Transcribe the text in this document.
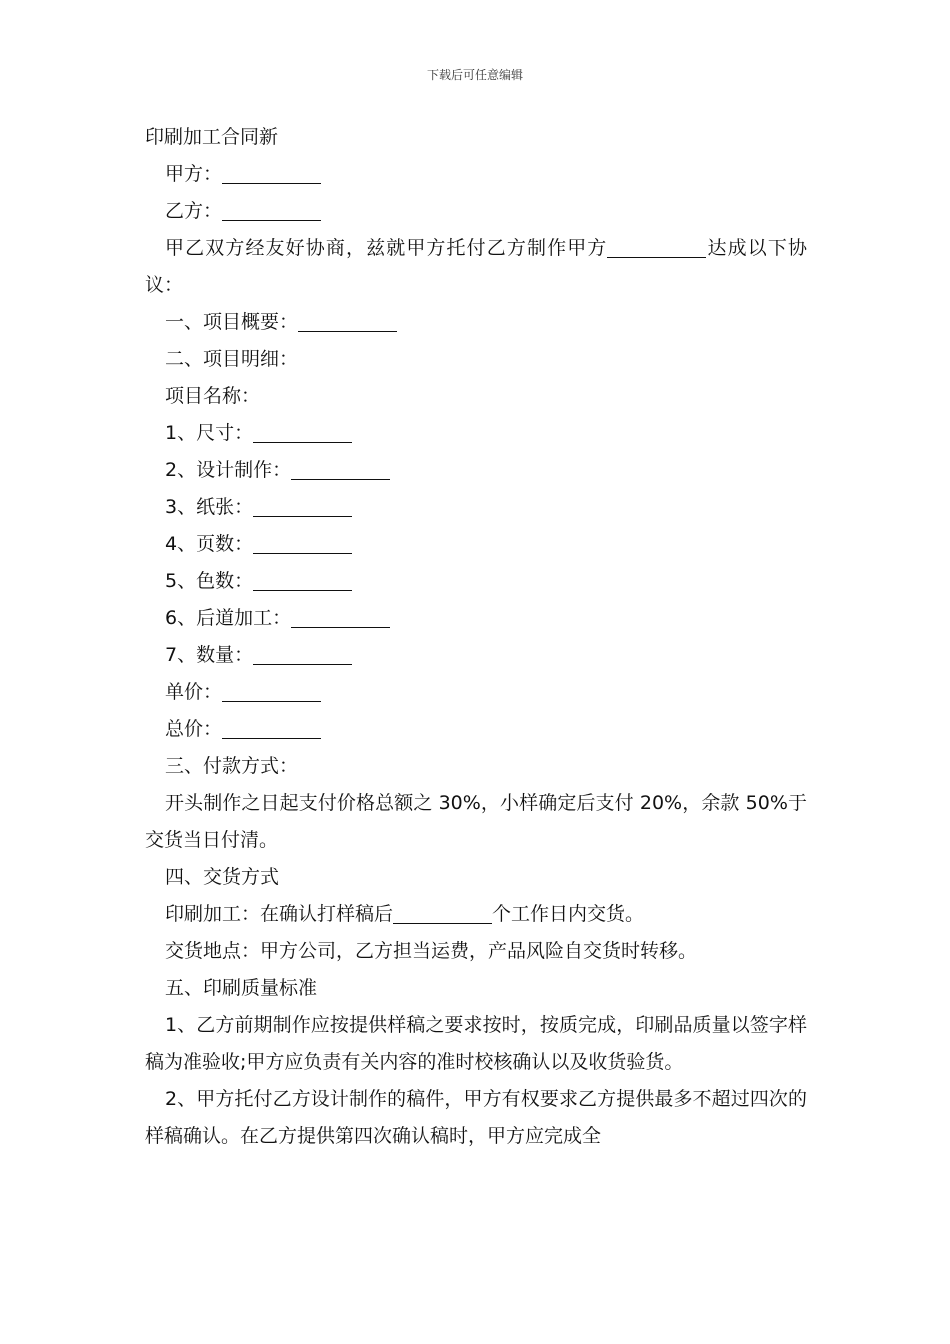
下载后可任意编辑
印刷加工合同新
甲方：
乙方：
甲乙双方经友好协商，兹就甲方托付乙方制作甲方	达成以下协议：
一、项目概要：
二、项目明细：
项目名称：
1、尺寸：
2、设计制作：
3、纸张：
4、页数：
5、色数：
6、后道加工：
7、数量：
单价：
总价：
三、付款方式：
开头制作之日起支付价格总额之 30%，小样确定后支付 20%，余款 50%于交货当日付清。
四、交货方式
印刷加工：在确认打样稿后	个工作日内交货。
交货地点：甲方公司，乙方担当运费，产品风险自交货时转移。
五、印刷质量标准
1、乙方前期制作应按提供样稿之要求按时，按质完成，印刷品质量以签字样稿为准验收;甲方应负责有关内容的准时校核确认以及收货验货。
2、甲方托付乙方设计制作的稿件，甲方有权要求乙方提供最多不超过四次的样稿确认。在乙方提供第四次确认稿时，甲方应完成全
